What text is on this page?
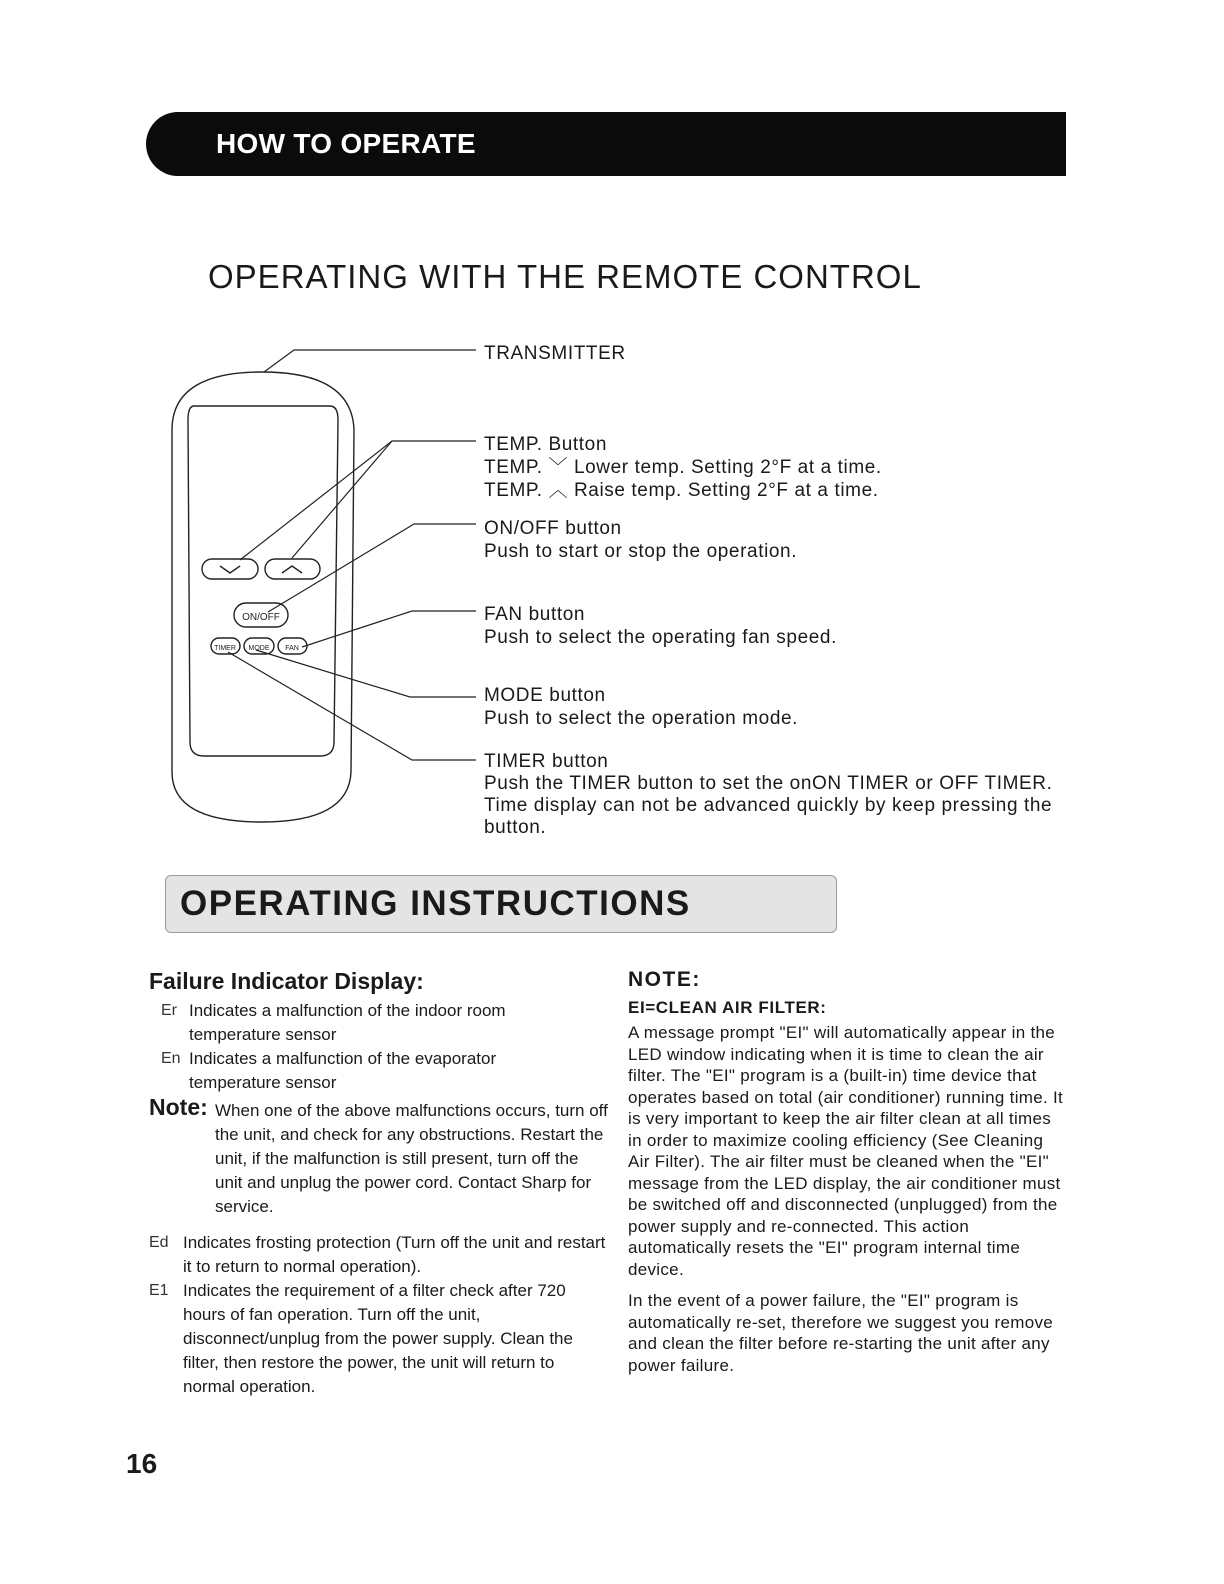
HOW TO OPERATE
OPERATING WITH THE REMOTE CONTROL
ON/OFF
TIMER MODE FAN
TRANSMITTER
TEMP. Button
TEMP. ﹀ Lower temp. Setting 2°F at a time.
TEMP. ︿ Raise temp. Setting 2°F at a time.
ON/OFF button
Push to start or stop the operation.
FAN button
Push to select the operating fan speed.
MODE button
Push to select the operation mode.
TIMER button
Push the TIMER button to set the onON TIMER or OFF TIMER.
Time display can not be advanced quickly by keep pressing the
button.
OPERATING INSTRUCTIONS
Failure Indicator Display:
Er Indicates a malfunction of the indoor room
temperature sensor
En Indicates a malfunction of the evaporator
temperature sensor
Note: When one of the above malfunctions occurs, turn off the unit, and check for any obstructions. Restart the unit, if the malfunction is still present, turn off the unit and unplug the power cord. Contact Sharp for service.
Ed Indicates frosting protection (Turn off the unit and restart it to return to normal operation).
E1 Indicates the requirement of a filter check after 720 hours of fan operation. Turn off the unit, disconnect/unplug from the power supply. Clean the filter, then restore the power, the unit will return to normal operation.
NOTE:
EI=CLEAN AIR FILTER:

A message prompt "EI" will automatically appear in the LED window indicating when it is time to clean the air filter. The "EI" program is a (built-in) time device that operates based on total (air conditioner) running time. It is very important to keep the air filter clean at all times in order to maximize cooling efficiency (See Cleaning Air Filter). The air filter must be cleaned when the "EI" message from the LED display, the air conditioner must be switched off and disconnected (unplugged) from the power supply and re-connected. This action automatically resets the "EI" program internal time device.

In the event of a power failure, the "EI" program is automatically re-set, therefore we suggest you remove and clean the filter before re-starting the unit after any power failure.

16
